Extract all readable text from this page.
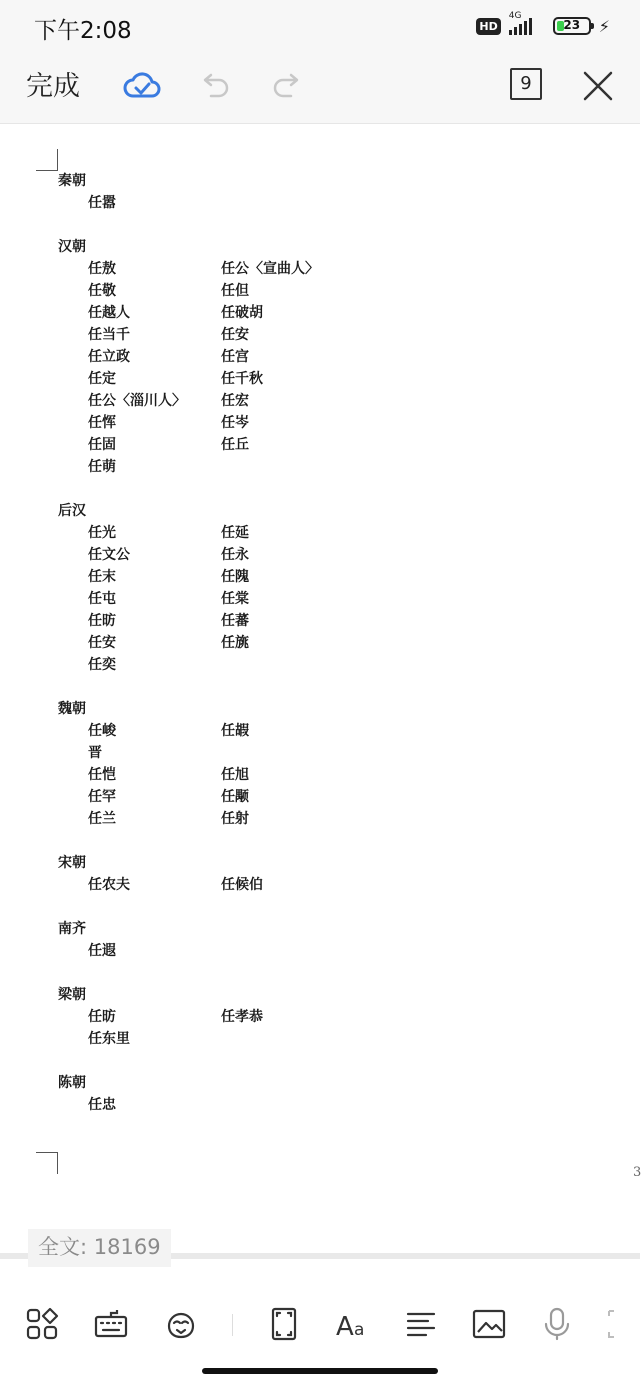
下午2:08	HD
4G
23	⚡
完成	9
秦朝
任嚣
汉朝
任敖	任公〈宣曲人〉
任敬	任但
任越人	任破胡
任当千	任安
任立政	任宫
任定	任千秋
任公〈淄川人〉	任宏
任恽	任岑
任固	任丘
任萌
后汉
任光	任延
任文公	任永
任末	任隗
任屯	任棠
任昉	任蕃
任安	任旐
任奕
魏朝
任峻	任嘏
晋
任恺	任旭
任罕	任颙
任兰	任射
宋朝
任农夫	任候伯
南齐
任遐
梁朝
任昉	任孝恭
任东里
陈朝
任忠
3
全文: 18169
A a
